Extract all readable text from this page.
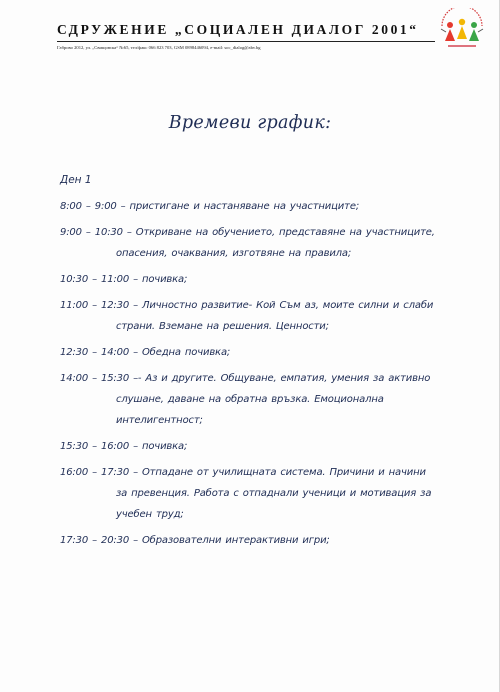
СДРУЖЕНИЕ „СОЦИАЛЕН ДИАЛОГ 2001“
Габрово 2012, ул. „Свищовска“ №65, тел/факс 066 823 703, GSM 0898446094, e-mail: soc_dialog@abv.bg
Времеви график:
Ден 1
8:00 – 9:00 – пристигане и настаняване на участниците;
9:00 – 10:30 – Откриване на обучението, представяне на участниците, опасения, очаквания, изготвяне на правила;
10:30 – 11:00 – почивка;
11:00 – 12:30 – Личностно развитие- Кой Съм аз, моите силни и слаби страни. Вземане на решения. Ценности;
12:30 – 14:00 – Обедна почивка;
14:00 – 15:30 –- Аз и другите. Общуване, емпатия, умения за активно слушане, даване на обратна връзка. Емоционална интелигентност;
15:30 – 16:00 – почивка;
16:00 – 17:30 – Отпадане от училищната система. Причини и начини за превенция. Работа с отпаднали ученици и мотивация за учебен труд;
17:30 – 20:30 – Образователни интерактивни игри;
